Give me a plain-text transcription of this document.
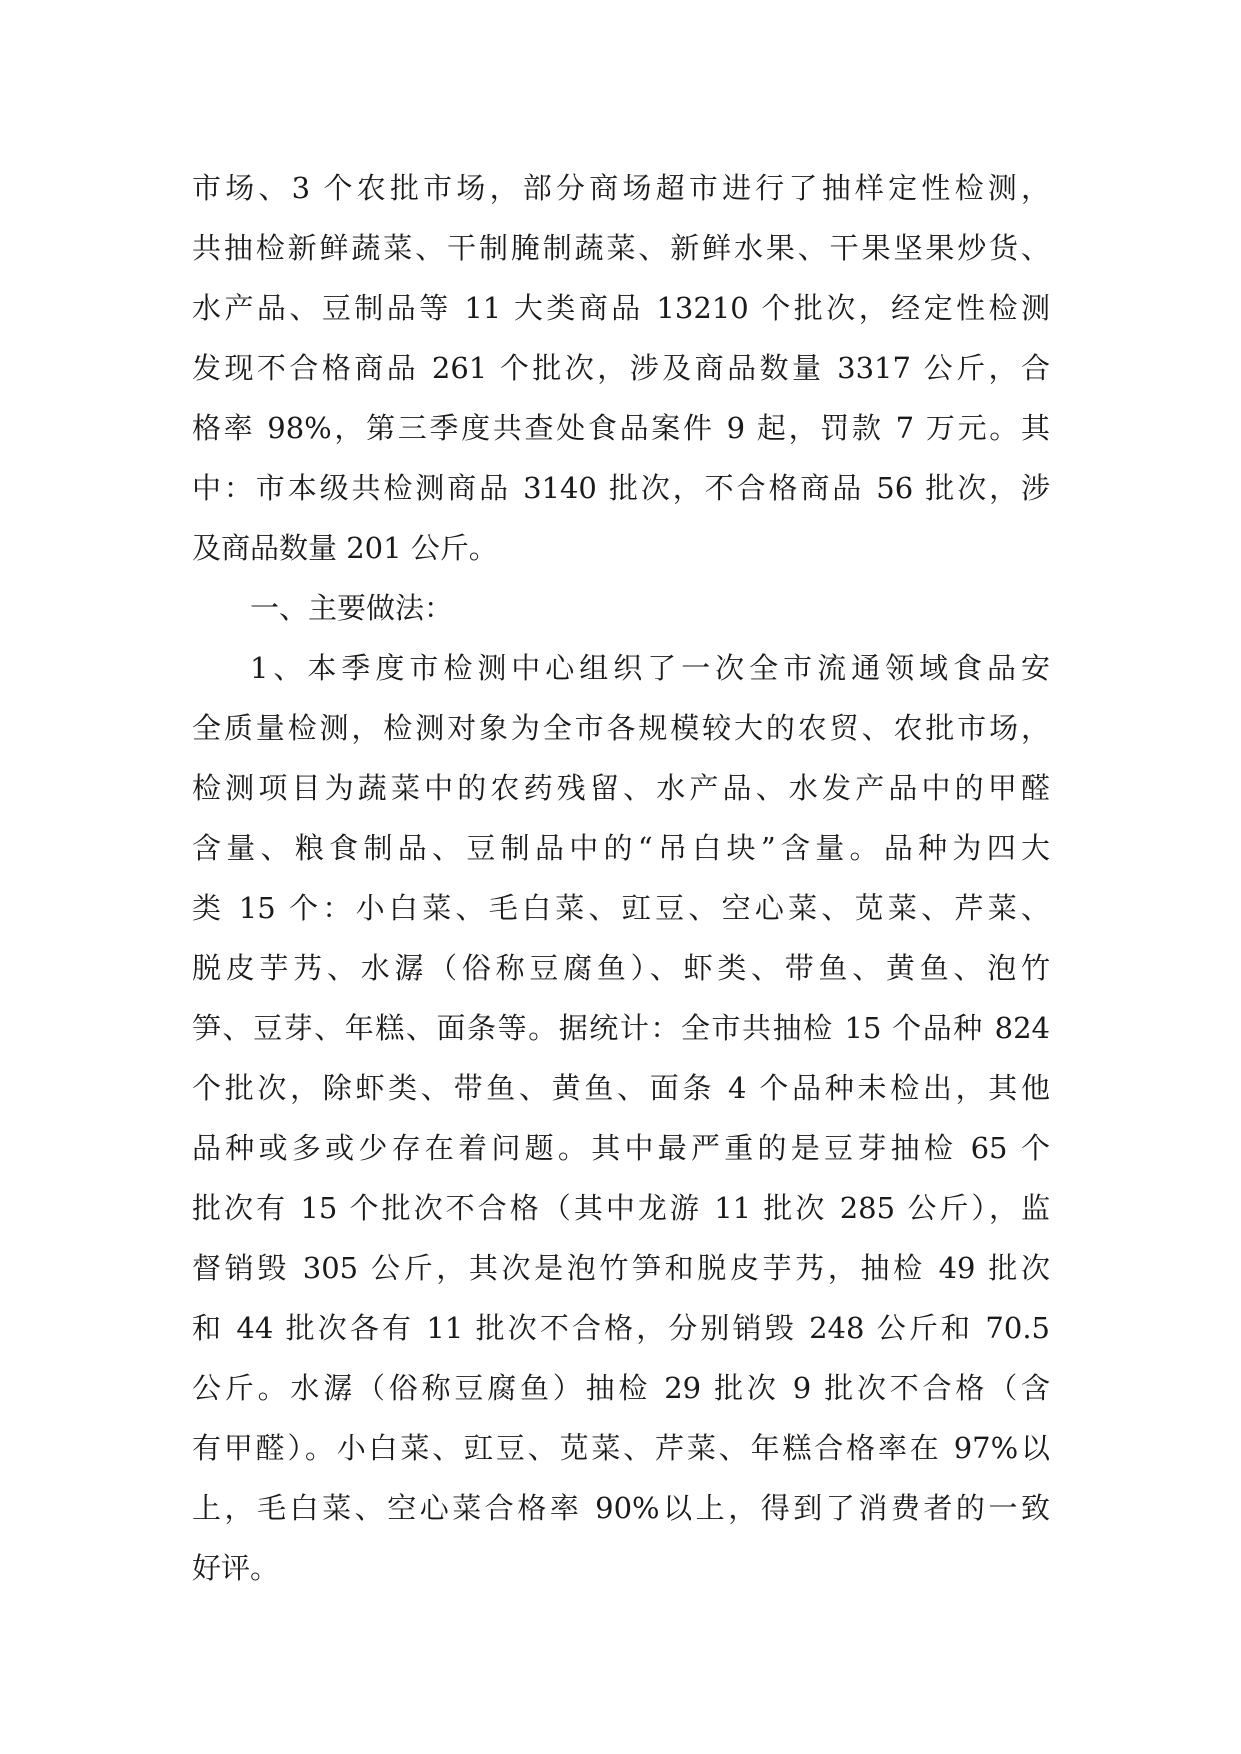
市场、3 个农批市场，部分商场超市进行了抽样定性检测，
共抽检新鲜蔬菜、干制腌制蔬菜、新鲜水果、干果坚果炒货、
水产品、豆制品等 11 大类商品 13210 个批次，经定性检测
发现不合格商品 261 个批次，涉及商品数量 3317 公斤，合
格率 98%，第三季度共查处食品案件 9 起，罚款 7 万元。其
中：市本级共检测商品 3140 批次，不合格商品 56 批次，涉
及商品数量 201 公斤。
一、主要做法：
1、本季度市检测中心组织了一次全市流通领域食品安
全质量检测，检测对象为全市各规模较大的农贸、农批市场，
检测项目为蔬菜中的农药残留、水产品、水发产品中的甲醛
含量、粮食制品、豆制品中的“吊白块”含量。品种为四大
类 15 个：小白菜、毛白菜、豇豆、空心菜、苋菜、芹菜、
脱皮芋艿、水潺（俗称豆腐鱼）、虾类、带鱼、黄鱼、泡竹
笋、豆芽、年糕、面条等。据统计：全市共抽检 15 个品种 824
个批次，除虾类、带鱼、黄鱼、面条 4 个品种未检出，其他
品种或多或少存在着问题。其中最严重的是豆芽抽检 65 个
批次有 15 个批次不合格（其中龙游 11 批次 285 公斤），监
督销毁 305 公斤，其次是泡竹笋和脱皮芋艿，抽检 49 批次
和 44 批次各有 11 批次不合格，分别销毁 248 公斤和 70.5
公斤。水潺（俗称豆腐鱼）抽检 29 批次 9 批次不合格（含
有甲醛）。小白菜、豇豆、苋菜、芹菜、年糕合格率在 97%以
上，毛白菜、空心菜合格率 90%以上，得到了消费者的一致
好评。
